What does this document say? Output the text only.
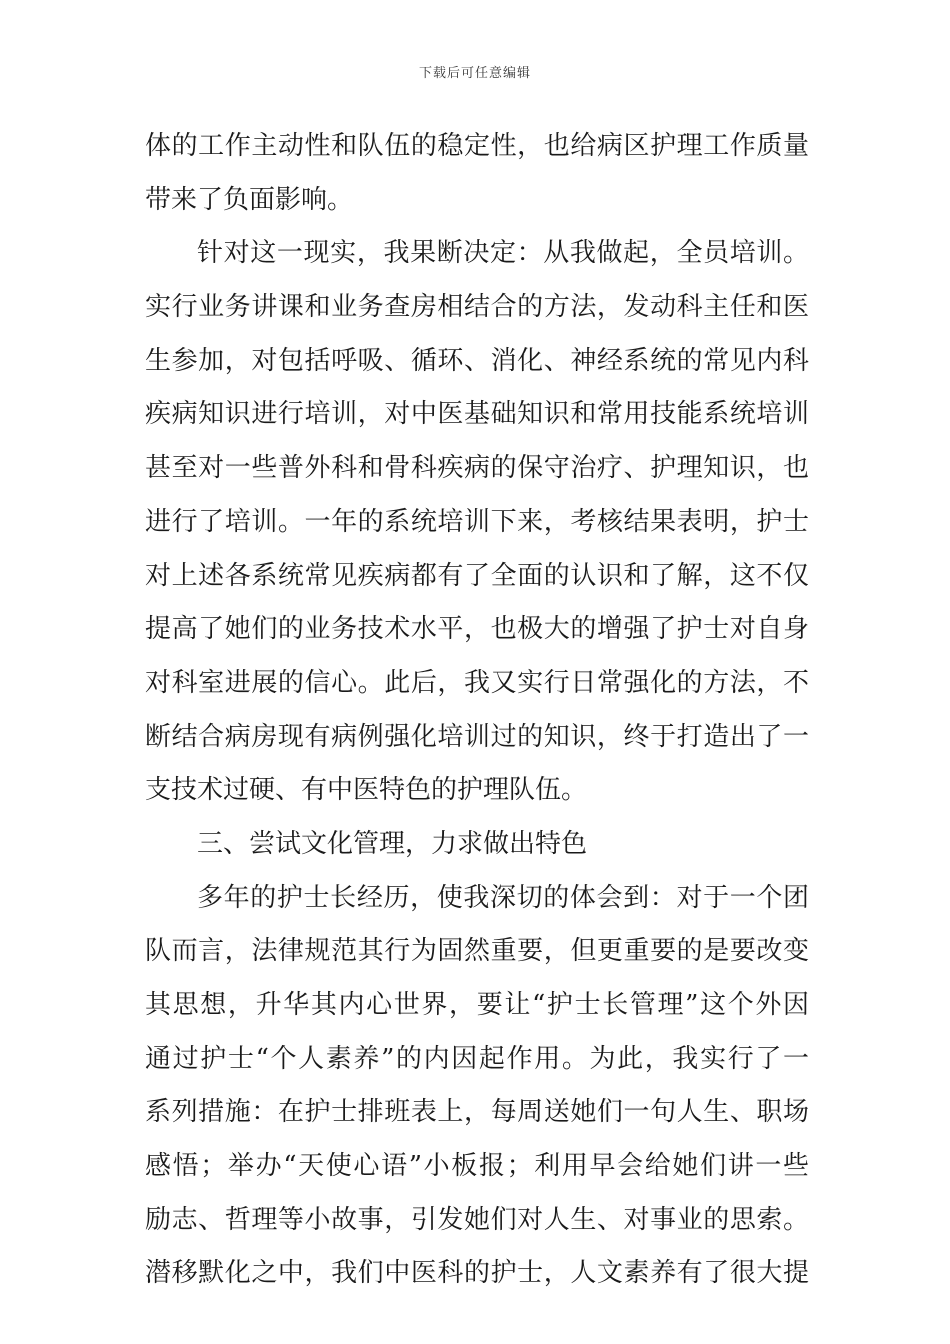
下载后可任意编辑
体的工作主动性和队伍的稳定性，也给病区护理工作质量
带来了负面影响。
针对这一现实，我果断决定：从我做起，全员培训。
实行业务讲课和业务查房相结合的方法，发动科主任和医
生参加，对包括呼吸、循环、消化、神经系统的常见内科
疾病知识进行培训，对中医基础知识和常用技能系统培训
甚至对一些普外科和骨科疾病的保守治疗、护理知识，也
进行了培训。一年的系统培训下来，考核结果表明，护士
对上述各系统常见疾病都有了全面的认识和了解，这不仅
提高了她们的业务技术水平，也极大的增强了护士对自身
对科室进展的信心。此后，我又实行日常强化的方法，不
断结合病房现有病例强化培训过的知识，终于打造出了一
支技术过硬、有中医特色的护理队伍。
三、尝试文化管理，力求做出特色
多年的护士长经历，使我深切的体会到：对于一个团
队而言，法律规范其行为固然重要，但更重要的是要改变
其思想，升华其内心世界，要让“护士长管理”这个外因
通过护士“个人素养”的内因起作用。为此，我实行了一
系列措施：在护士排班表上，每周送她们一句人生、职场
感悟；举办“天使心语”小板报；利用早会给她们讲一些
励志、哲理等小故事，引发她们对人生、对事业的思索。
潜移默化之中，我们中医科的护士，人文素养有了很大提
